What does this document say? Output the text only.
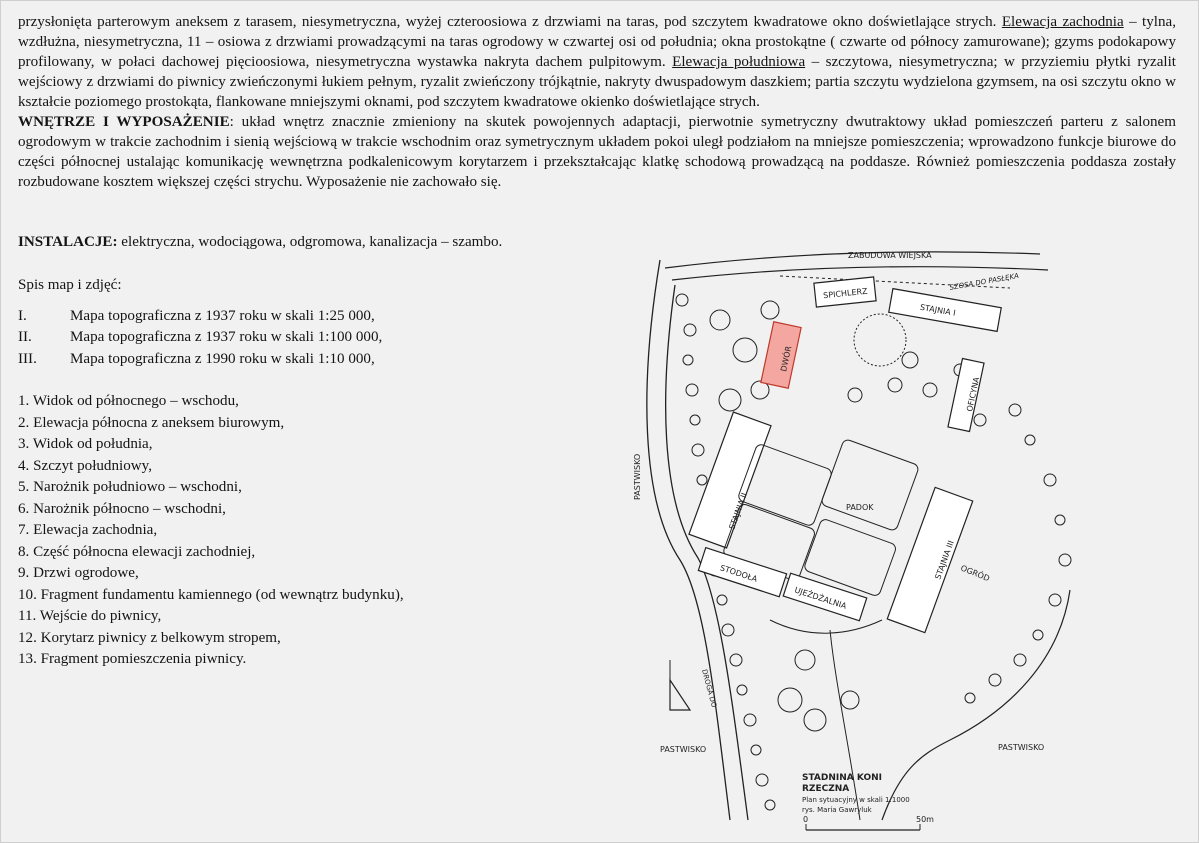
przysłonięta parterowym aneksem z tarasem, niesymetryczna, wyżej czteroosiowa z drzwiami na taras, pod szczytem kwadratowe okno doświetlające strych. Elewacja zachodnia – tylna, wzdłużna, niesymetryczna, 11 – osiowa z drzwiami prowadzącymi na taras ogrodowy w czwartej osi od południa; okna prostokątne ( czwarte od północy zamurowane); gzyms podokapowy profilowany, w połaci dachowej pięcioosiowa, niesymetryczna wystawka nakryta dachem pulpitowym. Elewacja południowa – szczytowa, niesymetryczna; w przyziemiu płytki ryzalit wejściowy z drzwiami do piwnicy zwieńczonymi łukiem pełnym, ryzalit zwieńczony trójkątnie, nakryty dwuspadowym daszkiem; partia szczytu wydzielona gzymsem, na osi szczytu okno w kształcie poziomego prostokąta, flankowane mniejszymi oknami, pod szczytem kwadratowe okienko doświetlające strych.

WNĘTRZE I WYPOSAŻENIE: układ wnętrz znacznie zmieniony na skutek powojennych adaptacji, pierwotnie symetryczny dwutraktowy układ pomieszczeń parteru z salonem ogrodowym w trakcie zachodnim i sienią wejściową w trakcie wschodnim oraz symetrycznym układem pokoi uległ podziałom na mniejsze pomieszczenia; wprowadzono funkcje biurowe do części północnej ustalając komunikację wewnętrzna podkalenicowym korytarzem i przekształcając klatkę schodową prowadzącą na poddasze. Również pomieszczenia poddasza zostały rozbudowane kosztem większej części strychu. Wyposażenie nie zachowało się.

INSTALACJE: elektryczna, wodociągowa, odgromowa, kanalizacja – szambo.
Spis map i zdjęć:
I.	Mapa topograficzna z 1937 roku w skali 1:25 000,
II.	Mapa topograficzna z 1937 roku w skali 1:100 000,
III.	Mapa topograficzna z 1990 roku w skali 1:10 000,
1. Widok od północnego – wschodu,
2. Elewacja północna z aneksem biurowym,
3. Widok od południa,
4. Szczyt południowy,
5. Narożnik południowo – wschodni,
6. Narożnik północno – wschodni,
7. Elewacja zachodnia,
8. Część północna elewacji zachodniej,
9. Drzwi ogrodowe,
10. Fragment fundamentu kamiennego (od wewnątrz budynku),
11. Wejście do piwnicy,
12. Korytarz piwnicy z belkowym stropem,
13. Fragment pomieszczenia piwnicy.
SPICHLERZ
STAJNIA I
DWÓR
OFICYNA
STAJNIA II	PADOK
STAJNIA III
STODOŁA
UJEŻDŻALNIA
ZABUDOWA WIEJSKA
SZOSA DO PASŁĘKA
PASTWISKO
OGRÓD
DROGA DO
PASTWISKO	PASTWISKO
STADNINA KONI
RZECZNA
Plan sytuacyjny w skali 1:1000
rys. Maria Gawryluk
0	50m
